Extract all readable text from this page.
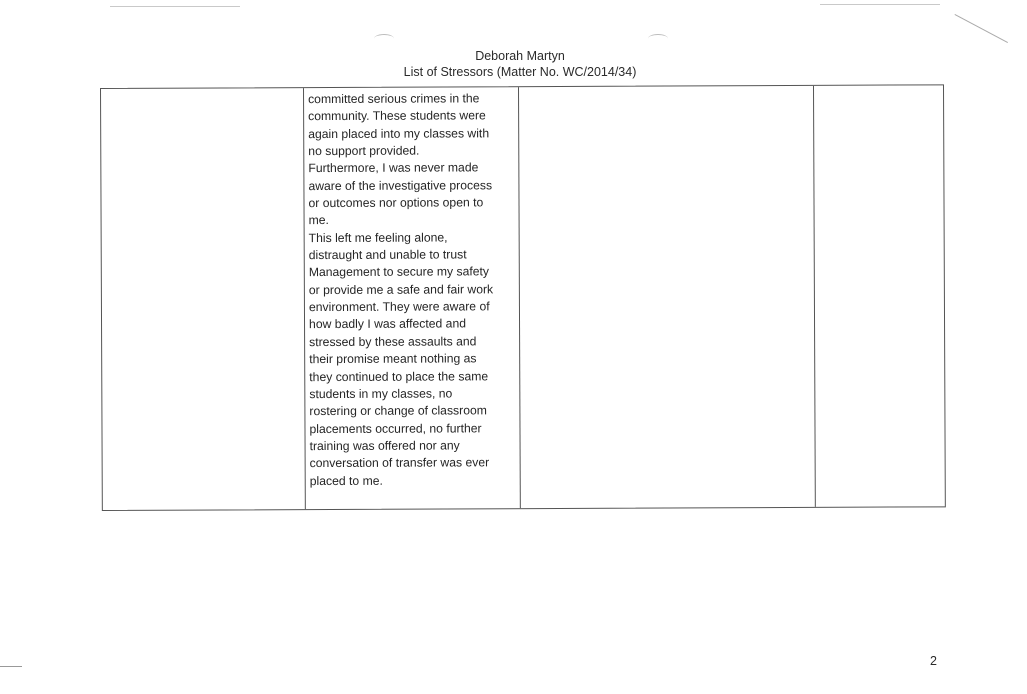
Deborah Martyn
List of Stressors (Matter No. WC/2014/34)
committed serious crimes in the
community. These students were
again placed into my classes with
no support provided.
Furthermore, I was never made
aware of the investigative process
or outcomes nor options open to
me.
This left me feeling alone,
distraught and unable to trust
Management to secure my safety
or provide me a safe and fair work
environment. They were aware of
how badly I was affected and
stressed by these assaults and
their promise meant nothing as
they continued to place the same
students in my classes, no
rostering or change of classroom
placements occurred, no further
training was offered nor any
conversation of transfer was ever
placed to me.
2
